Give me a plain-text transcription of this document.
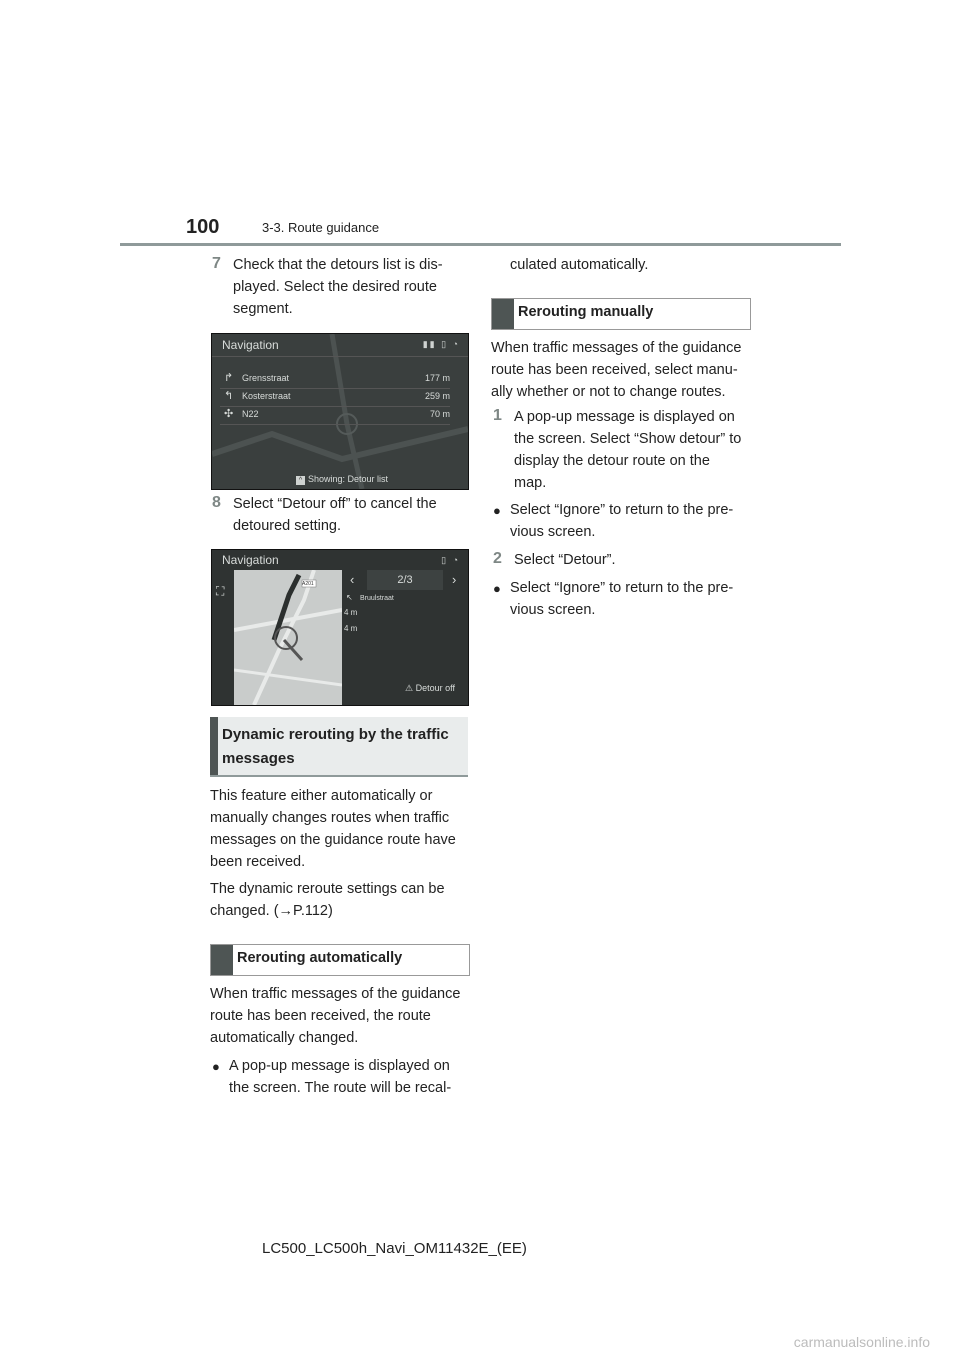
100	3-3. Route guidance
7 Check that the detours list is dis-
played. Select the desired route
segment.
Navigation	▮▮ ▯ ◔
↱ Grensstraat	177 m
↰ Kosterstraat	259 m
✣ N22	70 m
^ Showing: Detour list
8 Select “Detour off” to cancel the
detoured setting.
Navigation	▯ ◔
A201
⛶
‹	2/3	›
↖ Bruulstraat
4 m
4 m
⚠ Detour off
Dynamic rerouting by the traffic messages
This feature either automatically or
manually changes routes when traffic
messages on the guidance route have
been received.
The dynamic reroute settings can be
changed. (→P.112)
Rerouting automatically
When traffic messages of the guidance
route has been received, the route
automatically changed.
● A pop-up message is displayed on
the screen. The route will be recal-
culated automatically.
Rerouting manually
When traffic messages of the guidance
route has been received, select manu-
ally whether or not to change routes.
1 A pop-up message is displayed on
the screen. Select “Show detour” to
display the detour route on the
map.
● Select “Ignore” to return to the pre-
vious screen.
2 Select “Detour”.
● Select “Ignore” to return to the pre-
vious screen.
LC500_LC500h_Navi_OM11432E_(EE)
carmanualsonline.info
